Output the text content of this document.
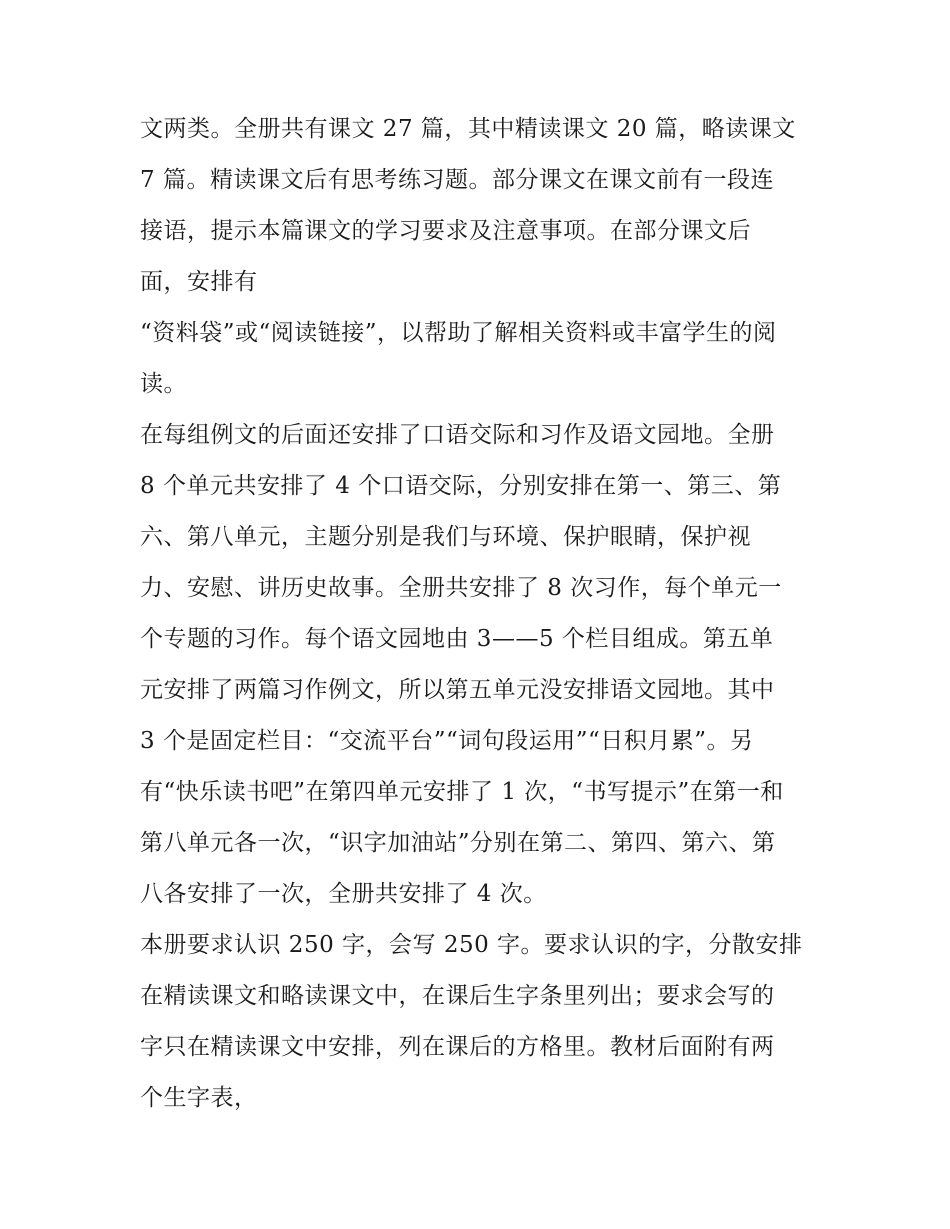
文两类。全册共有课文 27 篇，其中精读课文 20 篇，略读课文
7 篇。精读课文后有思考练习题。部分课文在课文前有一段连
接语，提示本篇课文的学习要求及注意事项。在部分课文后
面，安排有
“资料袋”或“阅读链接”，以帮助了解相关资料或丰富学生的阅
读。
在每组例文的后面还安排了口语交际和习作及语文园地。全册
8 个单元共安排了 4 个口语交际，分别安排在第一、第三、第
六、第八单元，主题分别是我们与环境、保护眼睛，保护视
力、安慰、讲历史故事。全册共安排了 8 次习作，每个单元一
个专题的习作。每个语文园地由 3——5 个栏目组成。第五单
元安排了两篇习作例文，所以第五单元没安排语文园地。其中
3 个是固定栏目：“交流平台”“词句段运用”“日积月累”。另
有“快乐读书吧”在第四单元安排了 1 次，“书写提示”在第一和
第八单元各一次，“识字加油站”分别在第二、第四、第六、第
八各安排了一次，全册共安排了 4 次。
本册要求认识 250 字，会写 250 字。要求认识的字，分散安排
在精读课文和略读课文中，在课后生字条里列出；要求会写的
字只在精读课文中安排，列在课后的方格里。教材后面附有两
个生字表，
